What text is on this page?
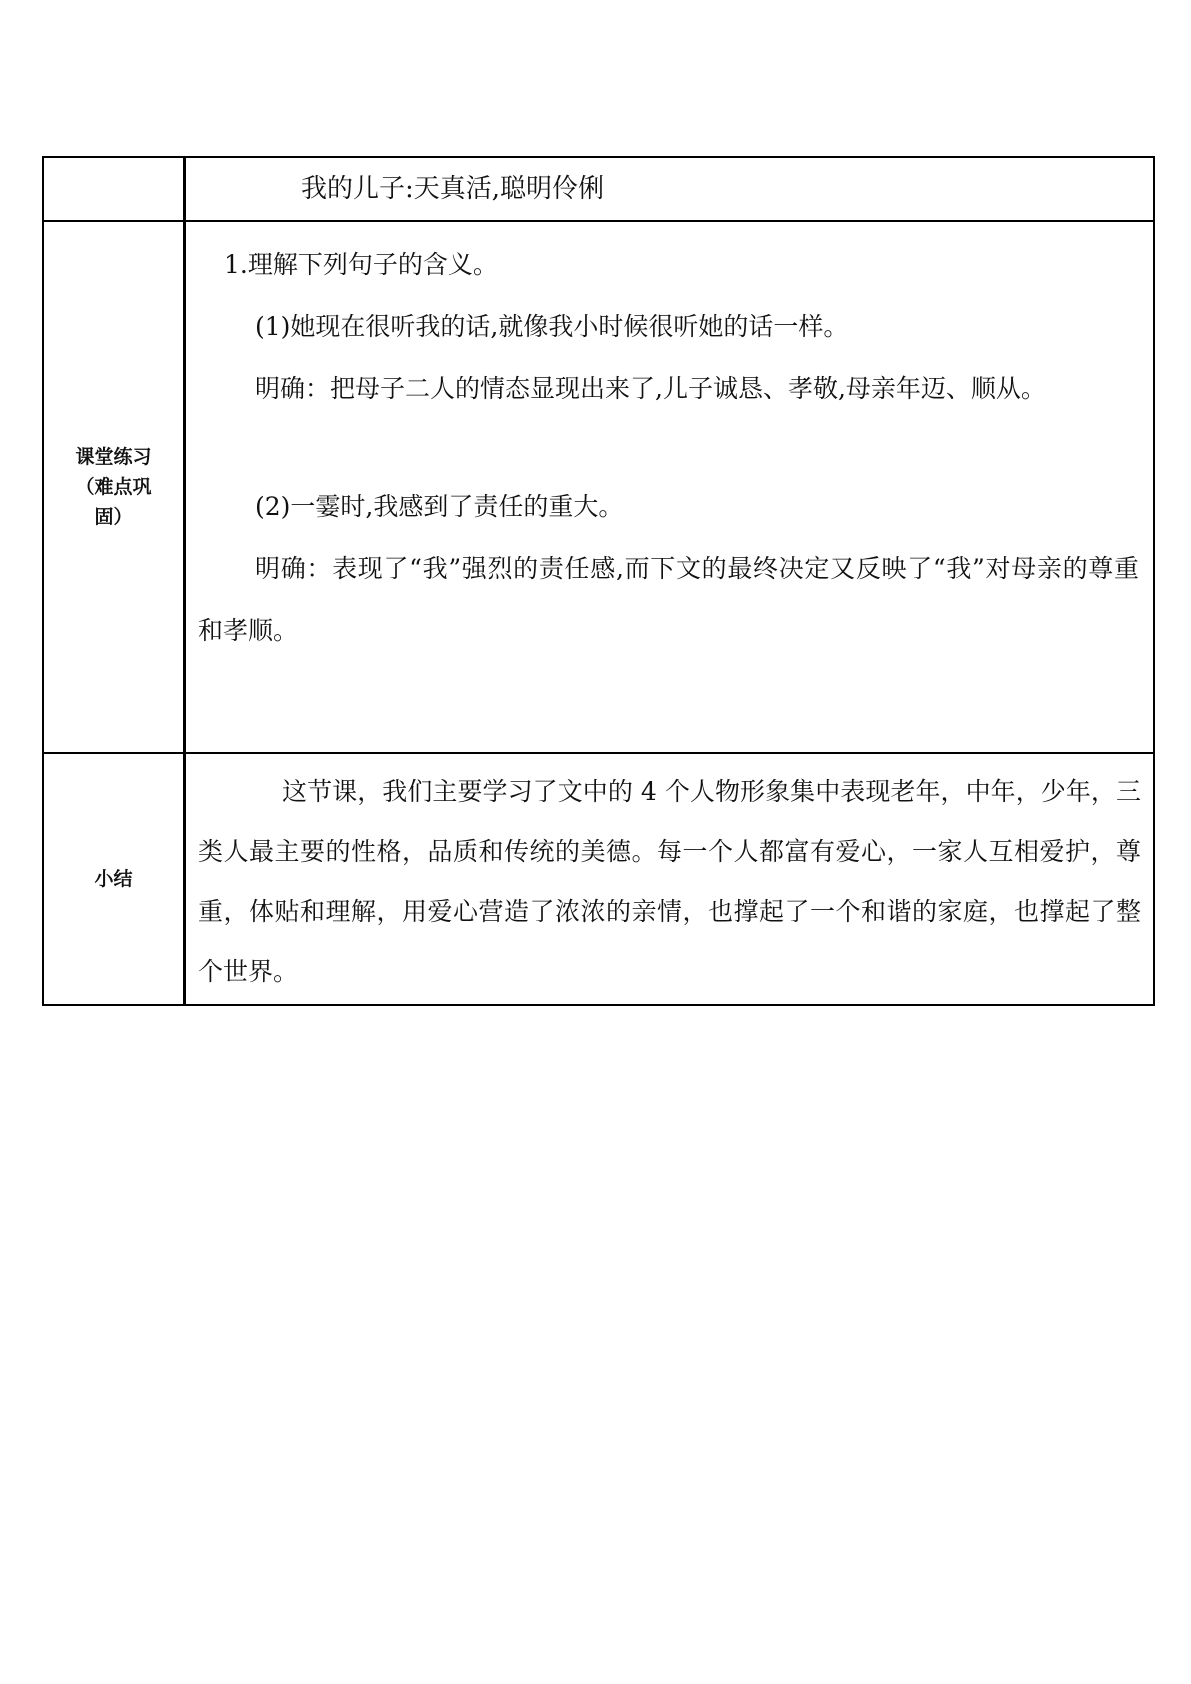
	我的儿子:天真活,聪明伶俐

课堂练习（难点巩固）	1.理解下列句子的含义。

(1)她现在很听我的话,就像我小时候很听她的话一样。

明确：把母子二人的情态显现出来了,儿子诚恳、孝敬,母亲年迈、顺从。

(2)一霎时,我感到了责任的重大。

明确：表现了“我”强烈的责任感,而下文的最终决定又反映了“我”对母亲的尊重和孝顺。

小结	这节课，我们主要学习了文中的 4 个人物形象集中表现老年，中年，少年，三类人最主要的性格，品质和传统的美德。每一个人都富有爱心，一家人互相爱护，尊重，体贴和理解，用爱心营造了浓浓的亲情，也撑起了一个和谐的家庭，也撑起了整个世界。
